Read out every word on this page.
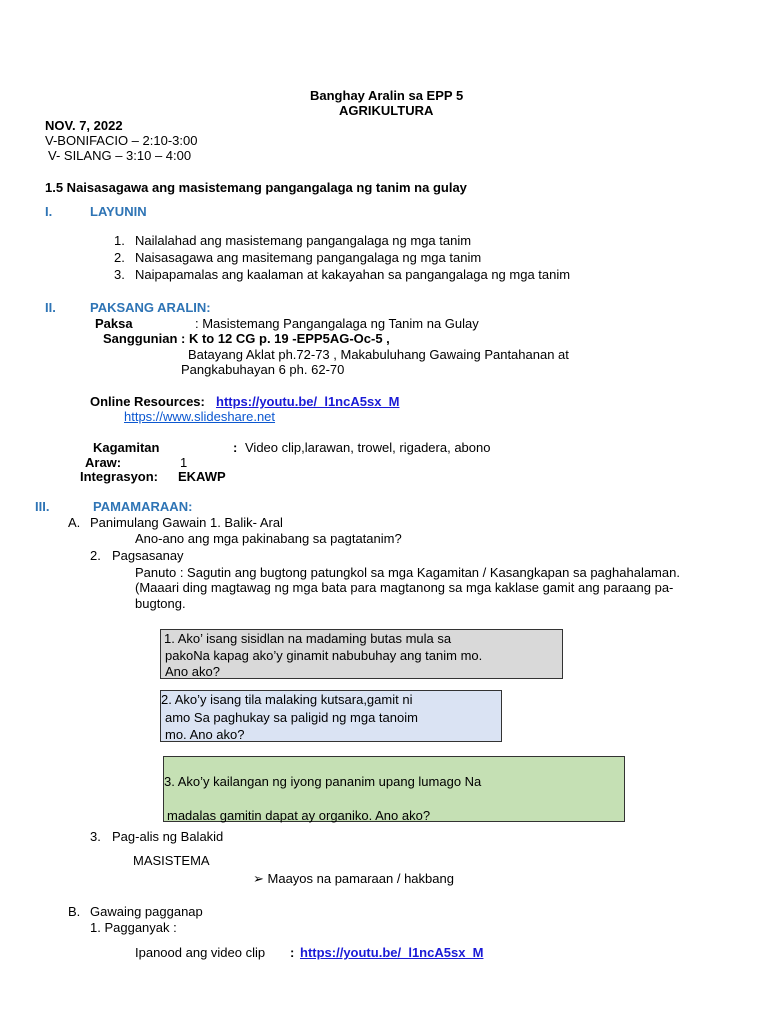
Banghay Aralin sa EPP 5
AGRIKULTURA
NOV. 7, 2022
V-BONIFACIO – 2:10-3:00
V- SILANG – 3:10 – 4:00
1.5 Naisasagawa ang masistemang pangangalaga ng tanim na gulay
I.	LAYUNIN
1. Nailalahad ang masistemang pangangalaga ng mga tanim
2. Naisasagawa ang masitemang pangangalaga ng mga tanim
3. Naipapamalas ang kaalaman at kakayahan sa pangangalaga ng mga tanim
II.	PAKSANG ARALIN:
Paksa	: Masistemang Pangangalaga ng Tanim na Gulay
Sanggunian : K to 12 CG p. 19 -EPP5AG-Oc-5 ,
Batayang Aklat ph.72-73 , Makabuluhang Gawaing Pantahanan at
Pangkabuhayan 6 ph. 62-70
Online Resources: https://youtu.be/_l1ncA5sx_M
https://www.slideshare.net
Kagamitan	: Video clip,larawan, trowel, rigadera, abono
Araw:	1
Integrasyon: EKAWP
III.	PAMAMARAAN:
A. Panimulang Gawain 1. Balik- Aral
Ano-ano ang mga pakinabang sa pagtatanim?
2. Pagsasanay
Panuto : Sagutin ang bugtong patungkol sa mga Kagamitan / Kasangkapan sa paghahalaman.
(Maaari ding magtawag ng mga bata para magtanong sa mga kaklase gamit ang paraang pa-
bugtong.
1. Ako’ isang sisidlan na madaming butas mula sa
pakoNa kapag ako’y ginamit nabubuhay ang tanim mo.
Ano ako?
2. Ako’y isang tila malaking kutsara,gamit ni
amo Sa paghukay sa paligid ng mga tanoim
mo. Ano ako?
3. Ako’y kailangan ng iyong pananim upang lumago Na
madalas gamitin dapat ay organiko. Ano ako?
3. Pag-alis ng Balakid
MASISTEMA
➢ Maayos na pamaraan / hakbang
B. Gawaing pagganap
1. Pagganyak :
Ipanood ang video clip : https://youtu.be/_l1ncA5sx_M
